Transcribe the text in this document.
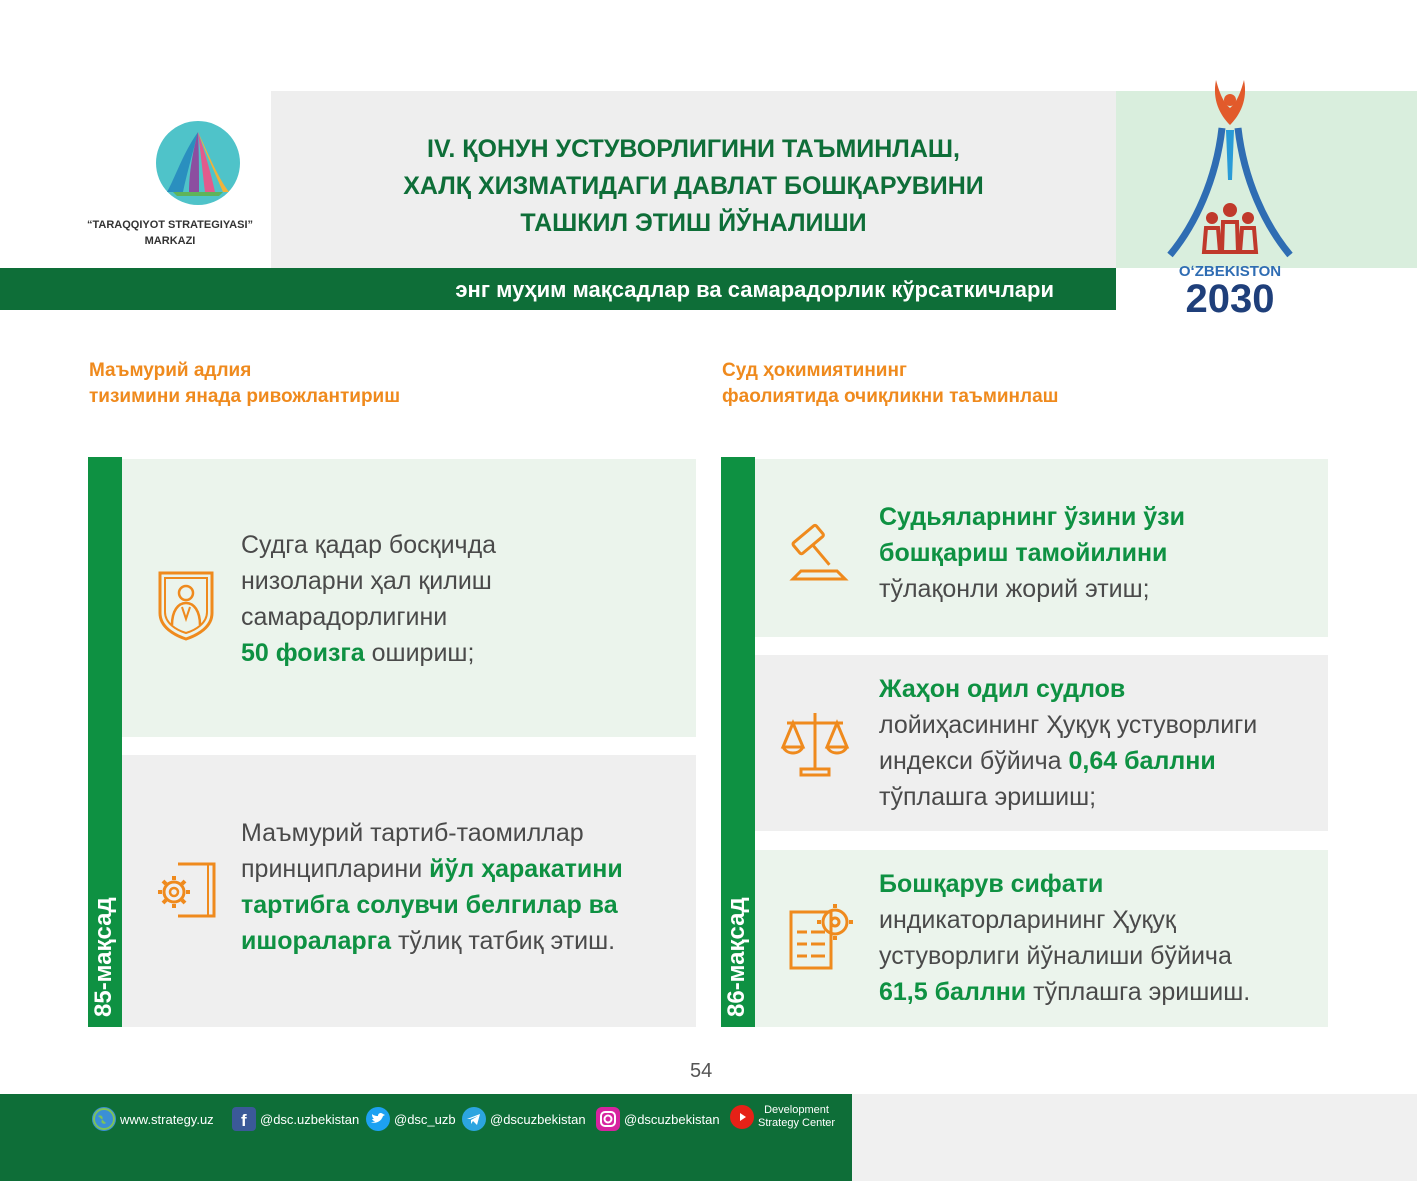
“TARAQQIYOT STRATEGIYASI”
MARKAZI
IV. ҚОНУН УСТУВОРЛИГИНИ ТАЪМИНЛАШ,
ХАЛҚ ХИЗМАТИДАГИ ДАВЛАТ БОШҚАРУВИНИ
ТАШКИЛ ЭТИШ ЙЎНАЛИШИ
энг муҳим мақсадлар ва самарадорлик кўрсаткичлари
OʻZBEKISTON
2030
Маъмурий адлия
тизимини янада ривожлантириш
85-мақсад
Судга қадар босқичда
низоларни ҳал қилиш
самарадорлигини
50 фоизга ошириш;
Маъмурий тартиб-таомиллар
принципларини йўл ҳаракатини
тартибга солувчи белгилар ва
ишораларга тўлиқ татбиқ этиш.
Суд ҳокимиятининг
фаолиятида очиқликни таъминлаш
86-мақсад
Судьяларнинг ўзини ўзи
бошқариш тамойилини
тўлақонли жорий этиш;
Жаҳон одил судлов
лойиҳасининг Ҳуқуқ устуворлиги
индекси бўйича 0,64 баллни
тўплашга эришиш;
Бошқарув сифати
индикаторларининг Ҳуқуқ
устуворлиги йўналиши бўйича
61,5 баллни тўплашга эришиш.
54
www.strategy.uz f @dsc.uzbekistan	@dsc_uzb	@dscuzbekistan	@dscuzbekistan
Development
Strategy Center
